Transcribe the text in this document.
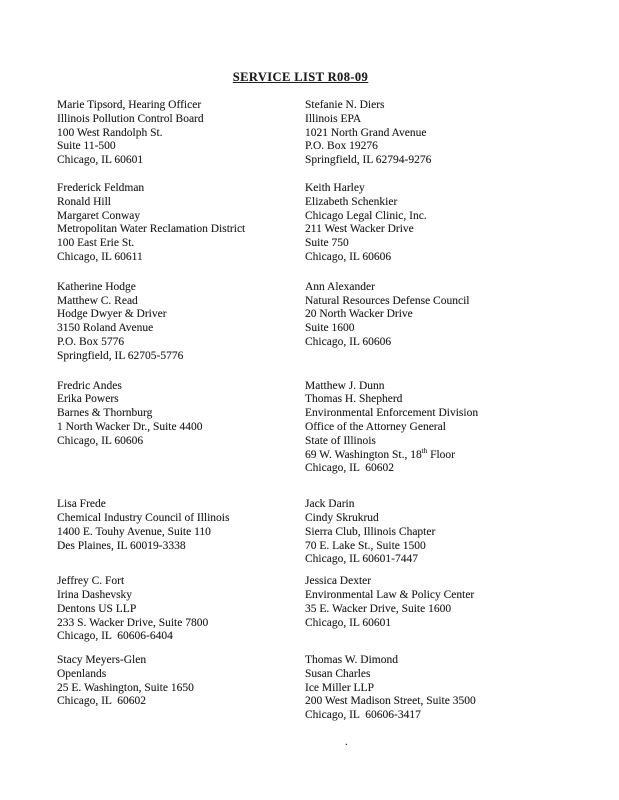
SERVICE LIST R08-09
Marie Tipsord, Hearing Officer
Illinois Pollution Control Board
100 West Randolph St.
Suite 11-500
Chicago, IL 60601
Stefanie N. Diers
Illinois EPA
1021 North Grand Avenue
P.O. Box 19276
Springfield, IL 62794-9276
Frederick Feldman
Ronald Hill
Margaret Conway
Metropolitan Water Reclamation District
100 East Erie St.
Chicago, IL 60611
Keith Harley
Elizabeth Schenkier
Chicago Legal Clinic, Inc.
211 West Wacker Drive
Suite 750
Chicago, IL 60606
Katherine Hodge
Matthew C. Read
Hodge Dwyer & Driver
3150 Roland Avenue
P.O. Box 5776
Springfield, IL 62705-5776
Ann Alexander
Natural Resources Defense Council
20 North Wacker Drive
Suite 1600
Chicago, IL 60606
Fredric Andes
Erika Powers
Barnes & Thornburg
1 North Wacker Dr., Suite 4400
Chicago, IL 60606
Matthew J. Dunn
Thomas H. Shepherd
Environmental Enforcement Division
Office of the Attorney General
State of Illinois
69 W. Washington St., 18th Floor
Chicago, IL  60602
Lisa Frede
Chemical Industry Council of Illinois
1400 E. Touhy Avenue, Suite 110
Des Plaines, IL 60019-3338
Jack Darin
Cindy Skrukrud
Sierra Club, Illinois Chapter
70 E. Lake St., Suite 1500
Chicago, IL 60601-7447
Jeffrey C. Fort
Irina Dashevsky
Dentons US LLP
233 S. Wacker Drive, Suite 7800
Chicago, IL  60606-6404
Jessica Dexter
Environmental Law & Policy Center
35 E. Wacker Drive, Suite 1600
Chicago, IL 60601
Stacy Meyers-Glen
Openlands
25 E. Washington, Suite 1650
Chicago, IL  60602
Thomas W. Dimond
Susan Charles
Ice Miller LLP
200 West Madison Street, Suite 3500
Chicago, IL  60606-3417
.
